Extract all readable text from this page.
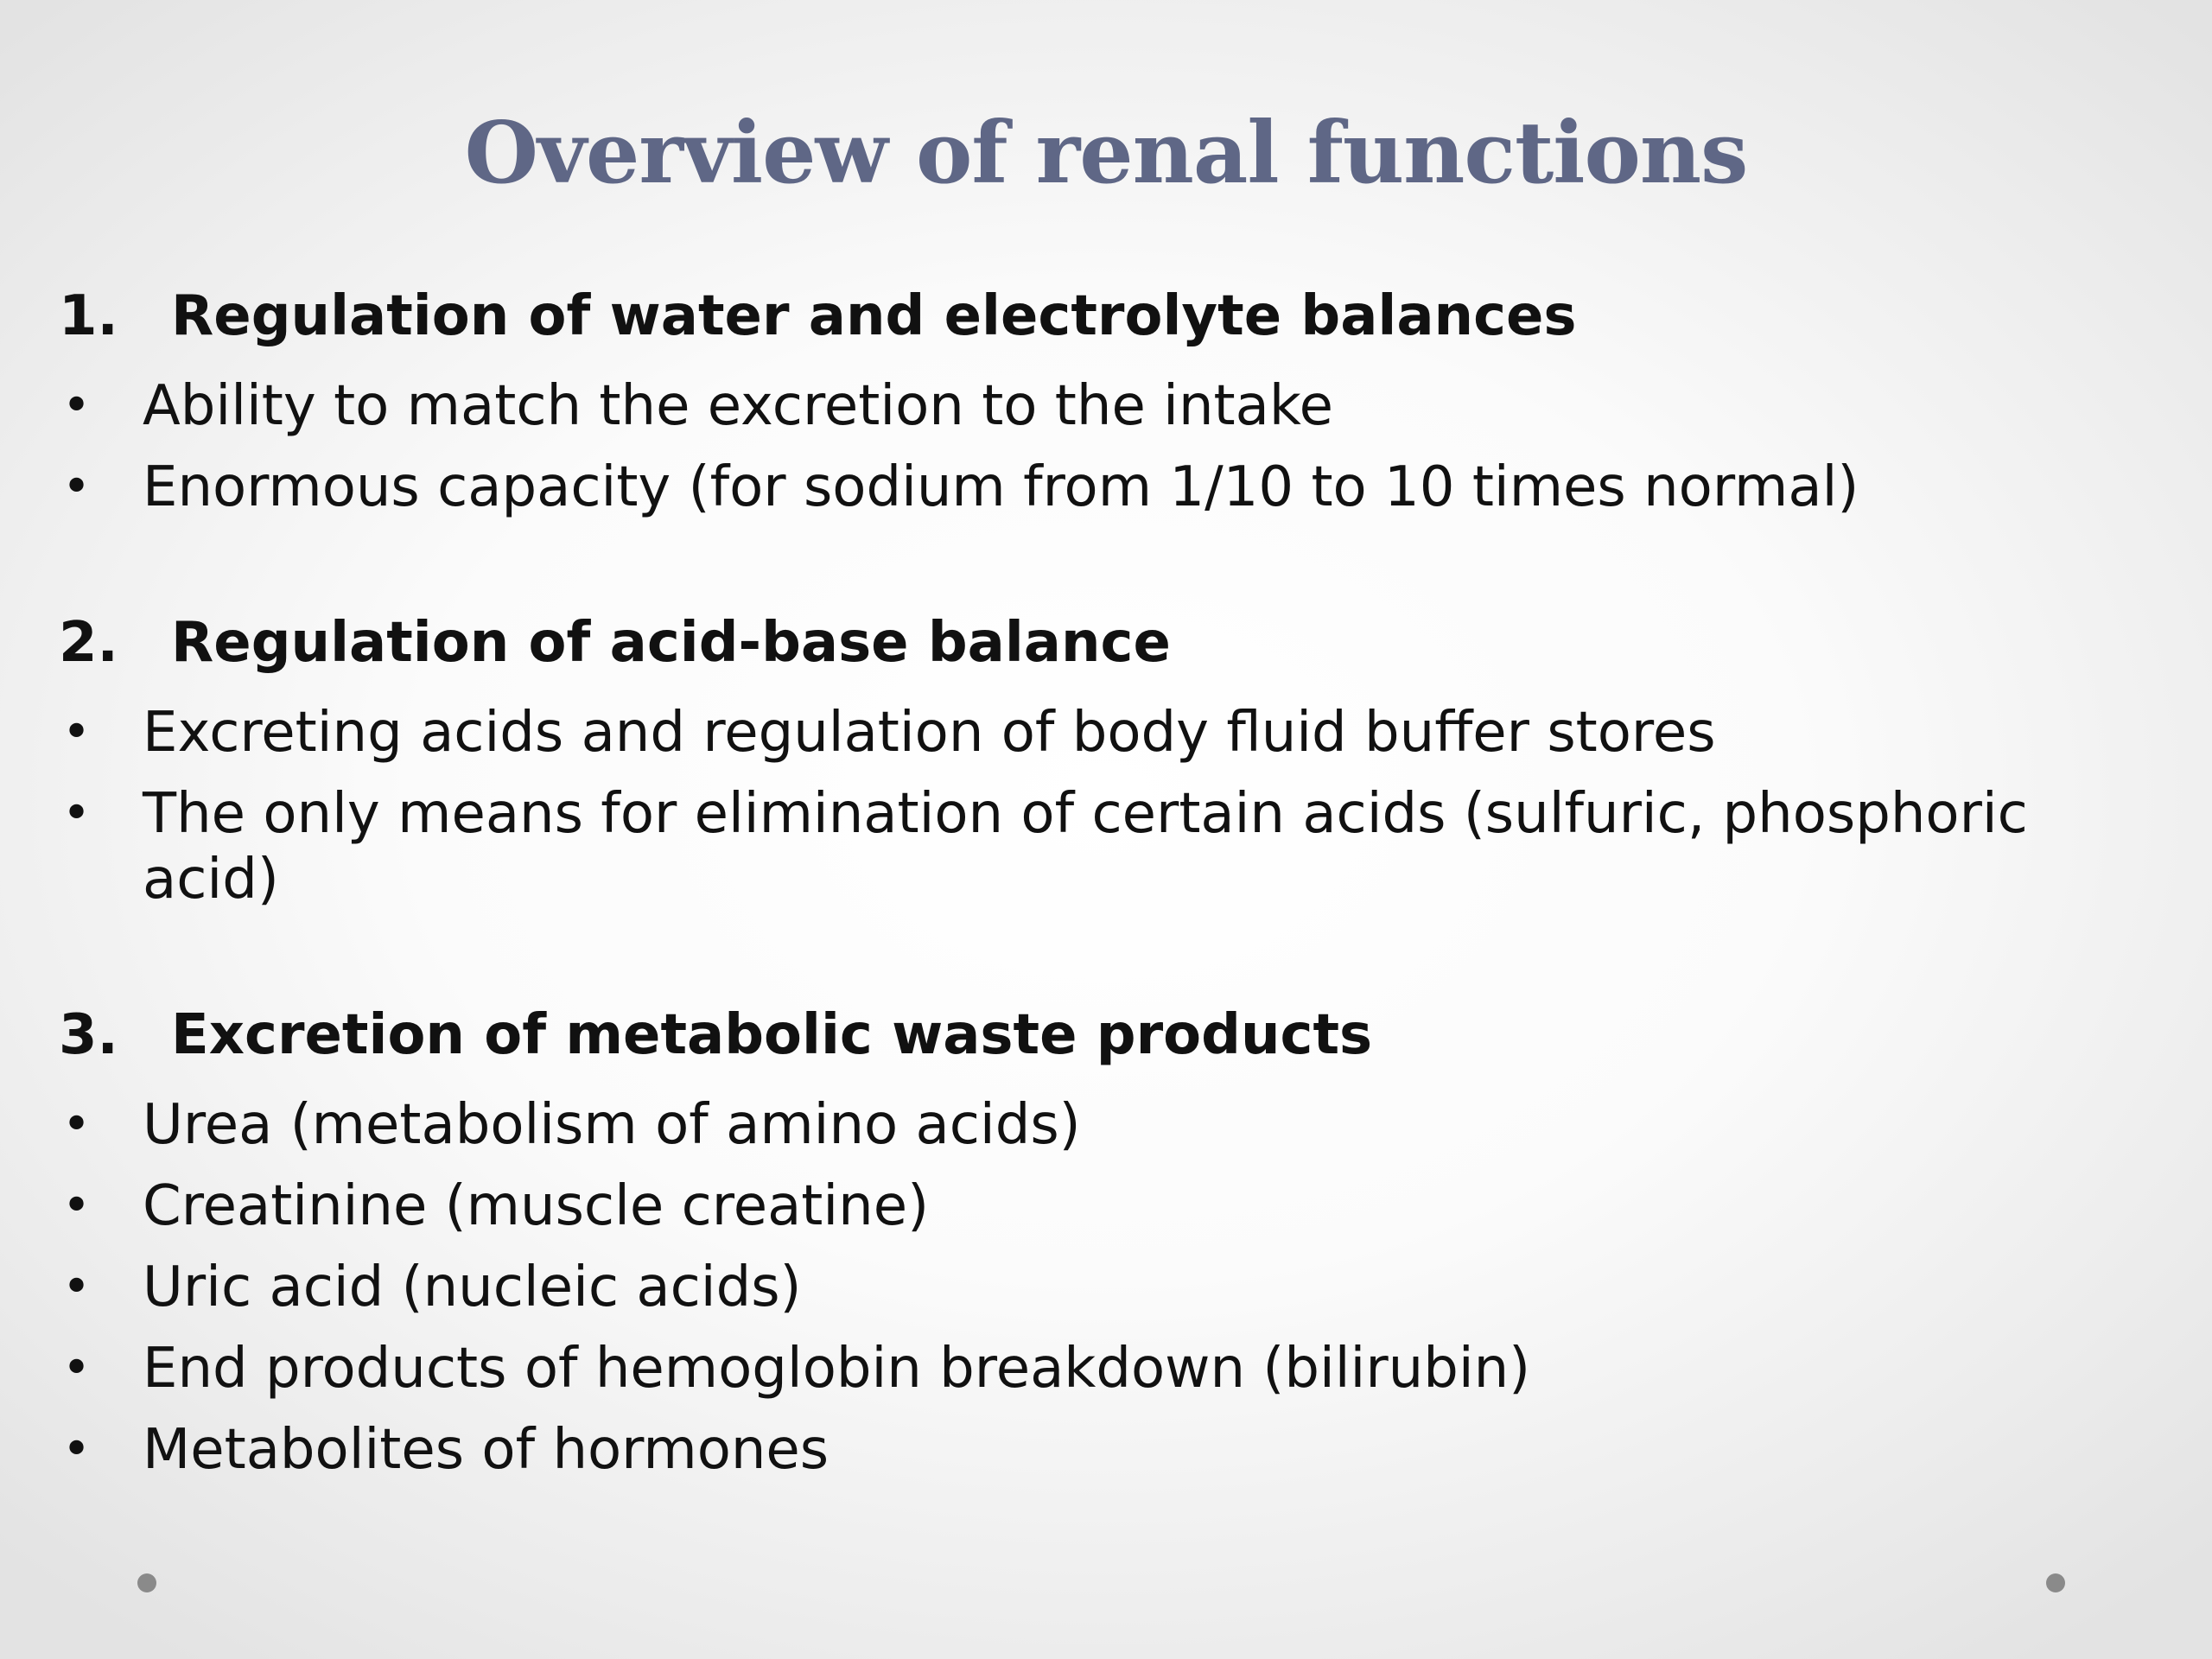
Overview of renal functions
1. Regulation of water and electrolyte balances
• Ability to match the excretion to the intake
• Enormous capacity (for sodium from 1/10 to 10 times normal)
2. Regulation of acid-base balance
• Excreting acids and regulation of body fluid buffer stores
• The only means for elimination of certain acids (sulfuric, phosphoric acid)
3. Excretion of metabolic waste products
• Urea (metabolism of amino acids)
• Creatinine (muscle creatine)
• Uric acid (nucleic acids)
• End products of hemoglobin breakdown (bilirubin)
• Metabolites of hormones
